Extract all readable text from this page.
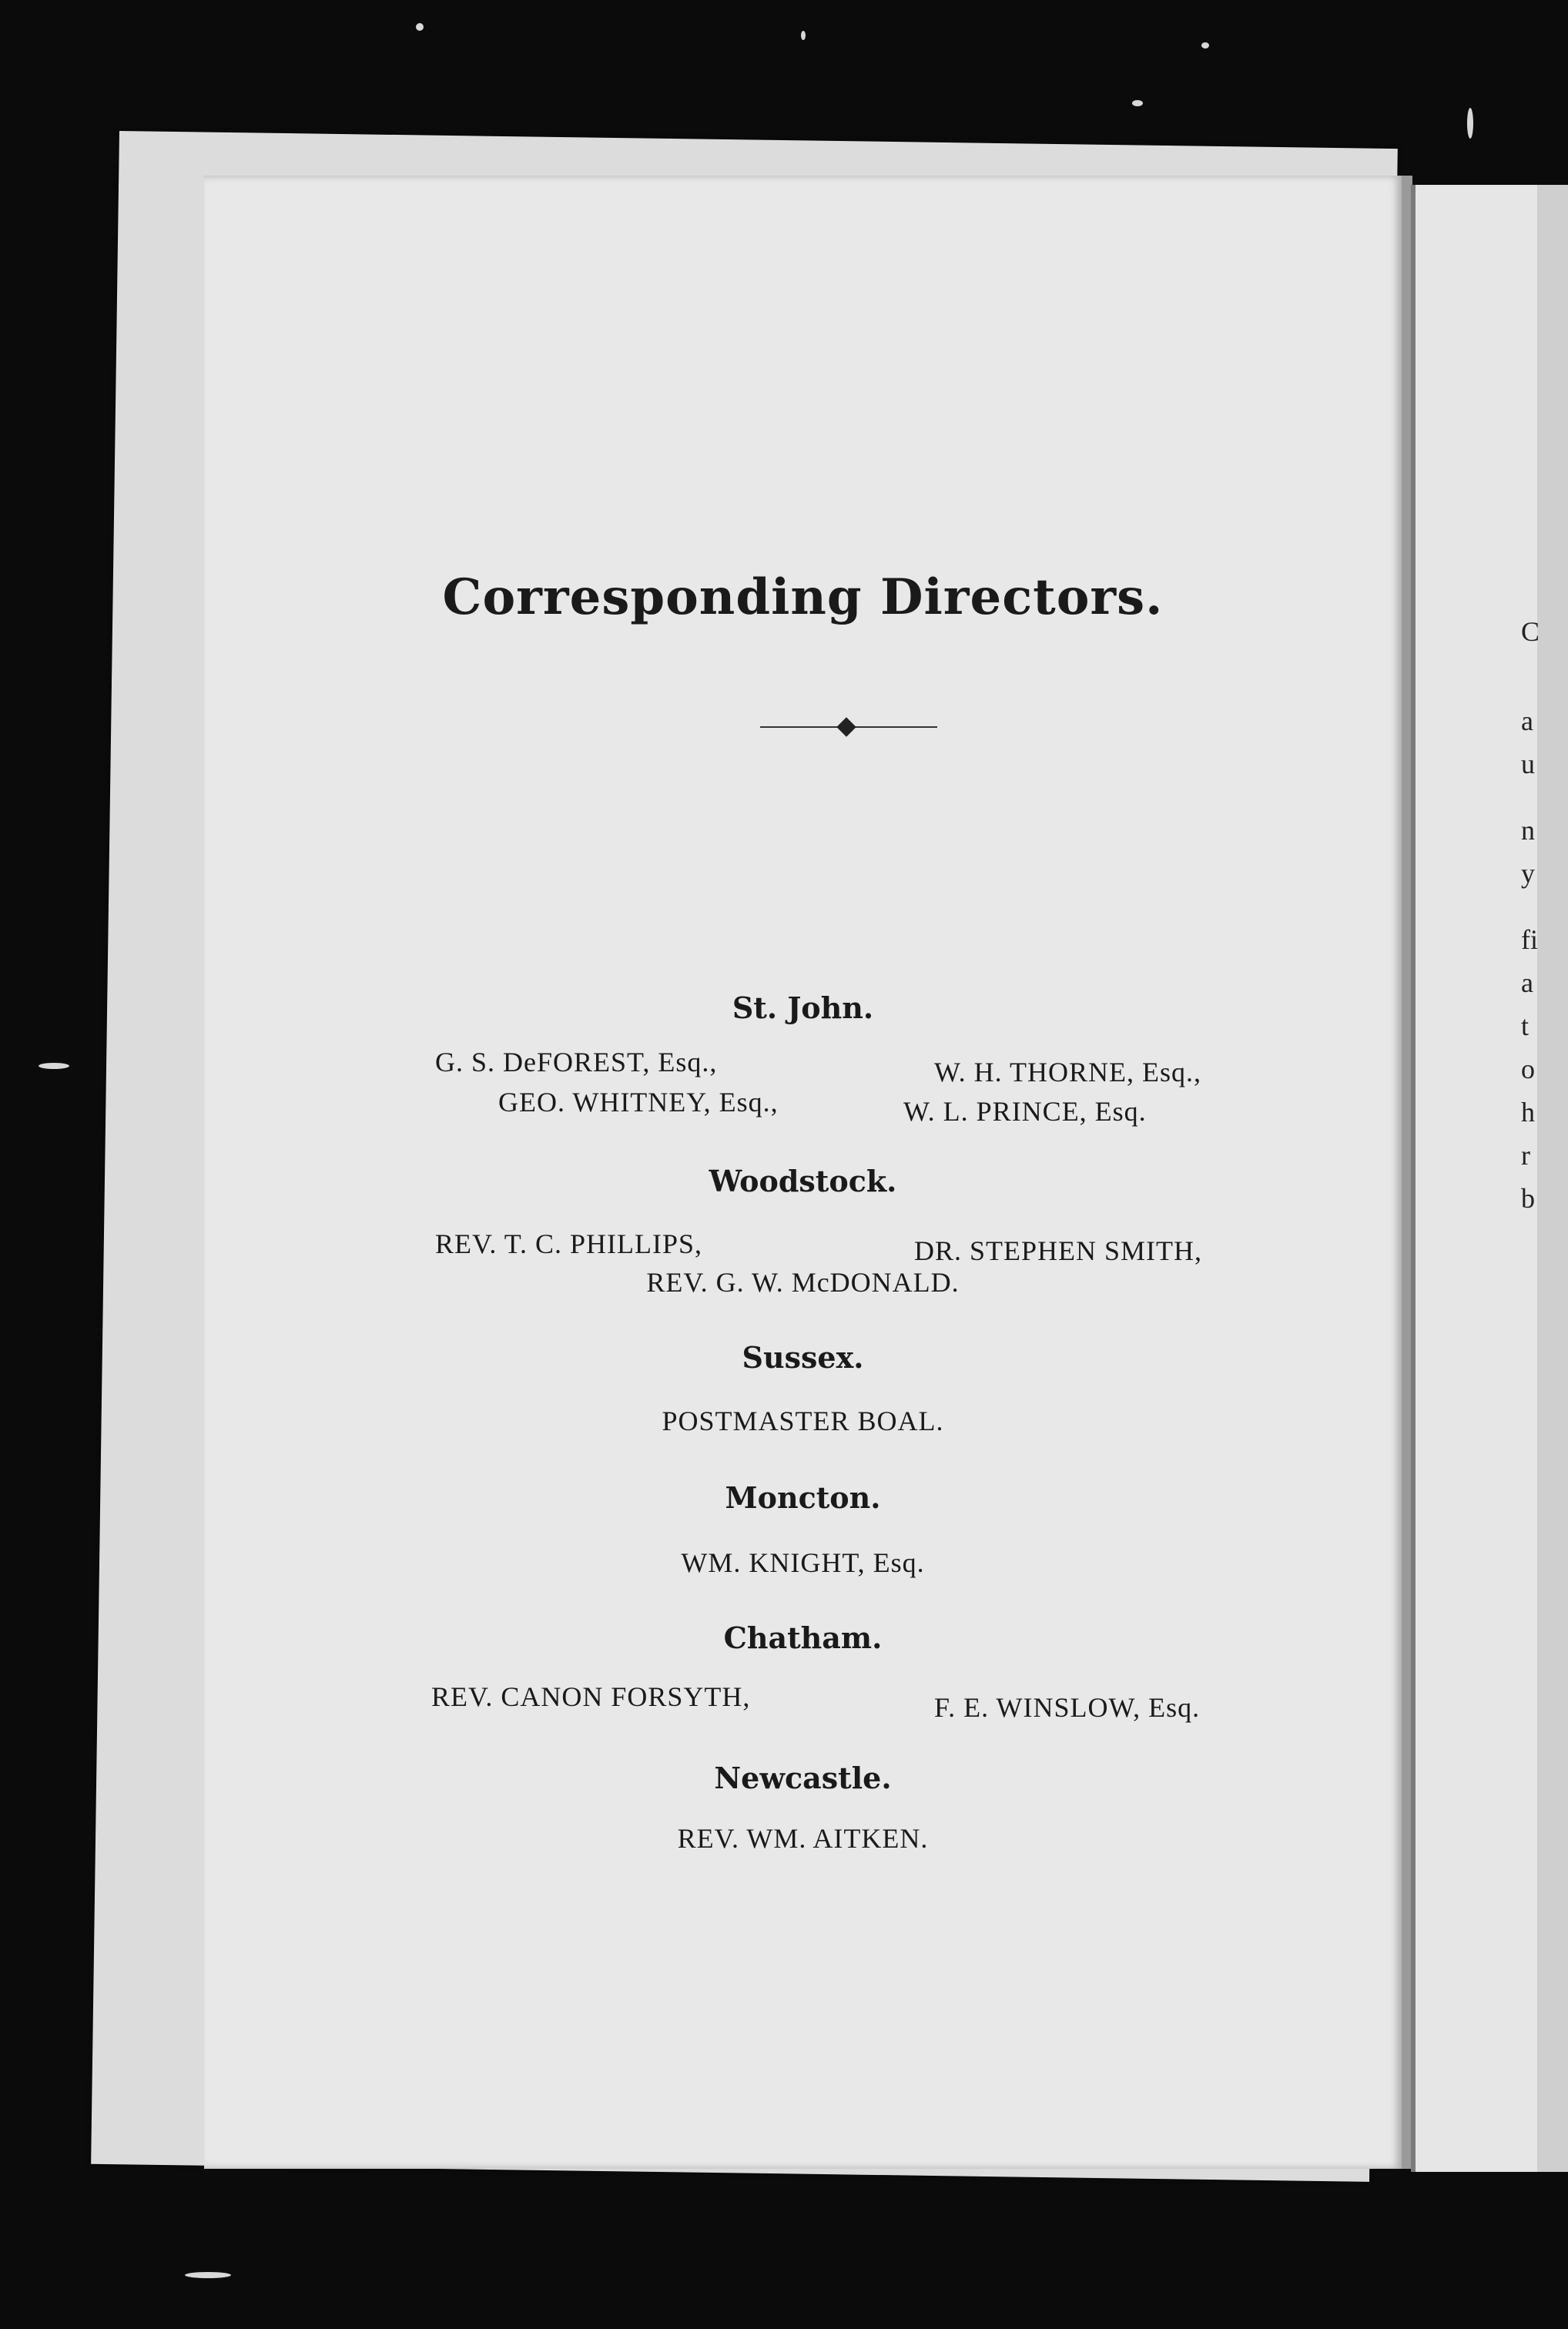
C
a
u
n
y
fi
a
t
o
h
r
b
Corresponding Directors.
St. John.
G. S. DeFOREST, Esq.,	W. H. THORNE, Esq.,
GEO. WHITNEY, Esq.,	W. L. PRINCE, Esq.
Woodstock.
REV. T. C. PHILLIPS,	DR. STEPHEN SMITH,
REV. G. W. McDONALD.
Sussex.
POSTMASTER BOAL.
Moncton.
WM. KNIGHT, Esq.
Chatham.
REV. CANON FORSYTH,	F. E. WINSLOW, Esq.
Newcastle.
REV. WM. AITKEN.
